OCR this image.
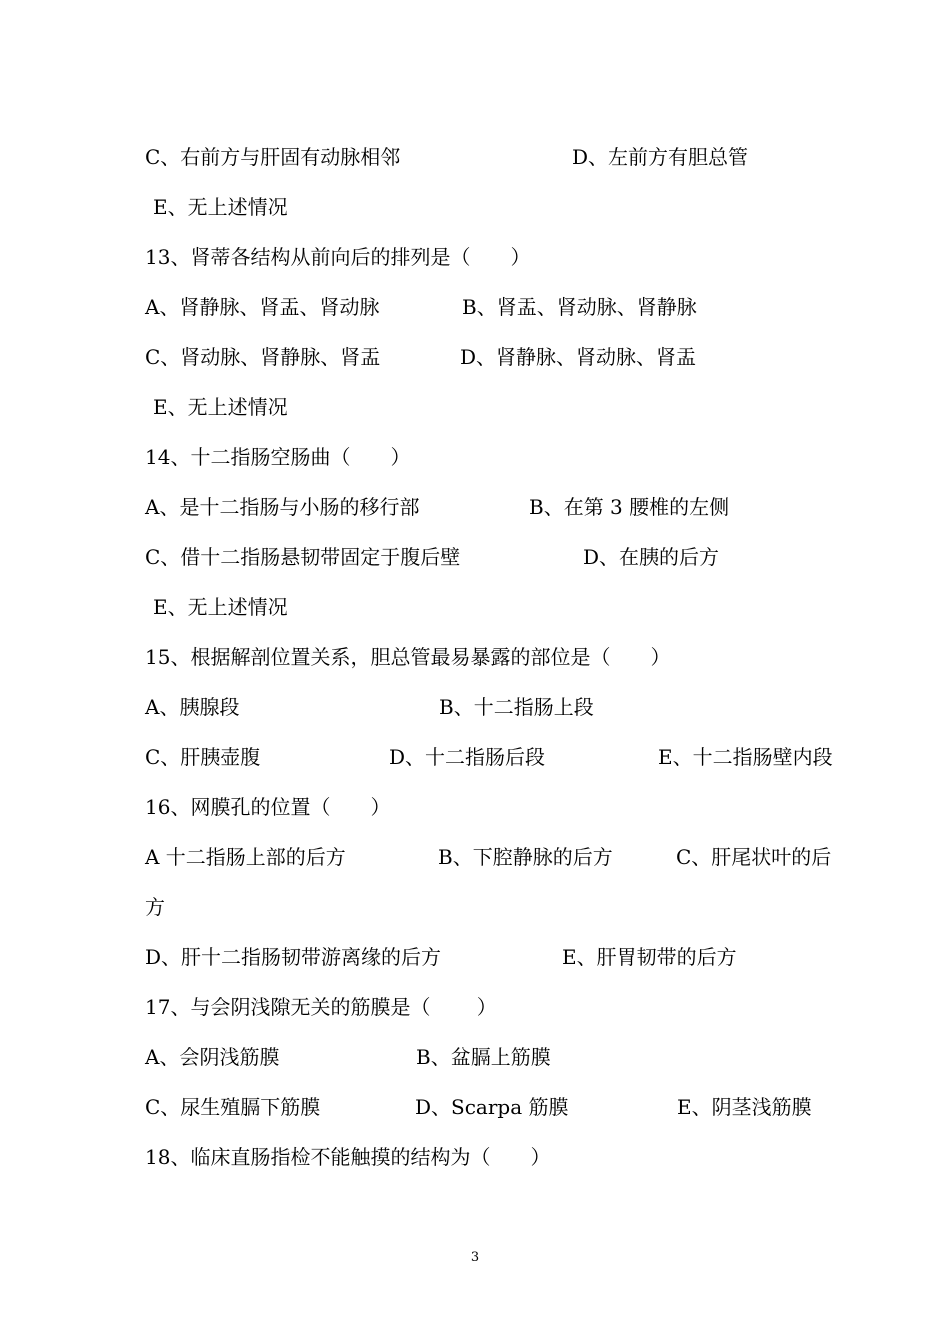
C、右前方与肝固有动脉相邻	D、左前方有胆总管
E、无上述情况
13、肾蒂各结构从前向后的排列是（　　）
A、肾静脉、肾盂、肾动脉	B、肾盂、肾动脉、肾静脉
C、肾动脉、肾静脉、肾盂	D、肾静脉、肾动脉、肾盂
E、无上述情况
14、十二指肠空肠曲（　　）
A、是十二指肠与小肠的移行部	B、在第 3 腰椎的左侧
C、借十二指肠悬韧带固定于腹后壁	D、在胰的后方
E、无上述情况
15、根据解剖位置关系，胆总管最易暴露的部位是（　　）
A、胰腺段	B、十二指肠上段
C、肝胰壶腹	D、十二指肠后段	E、十二指肠壁内段
16、网膜孔的位置（　　）
A 十二指肠上部的后方	B、下腔静脉的后方	C、肝尾状叶的后
方
D、肝十二指肠韧带游离缘的后方	E、肝胃韧带的后方
17、与会阴浅隙无关的筋膜是（　　 ）
A、会阴浅筋膜	B、盆膈上筋膜
C、尿生殖膈下筋膜	D、Scarpa 筋膜	E、阴茎浅筋膜
18、临床直肠指检不能触摸的结构为（　　）
3
